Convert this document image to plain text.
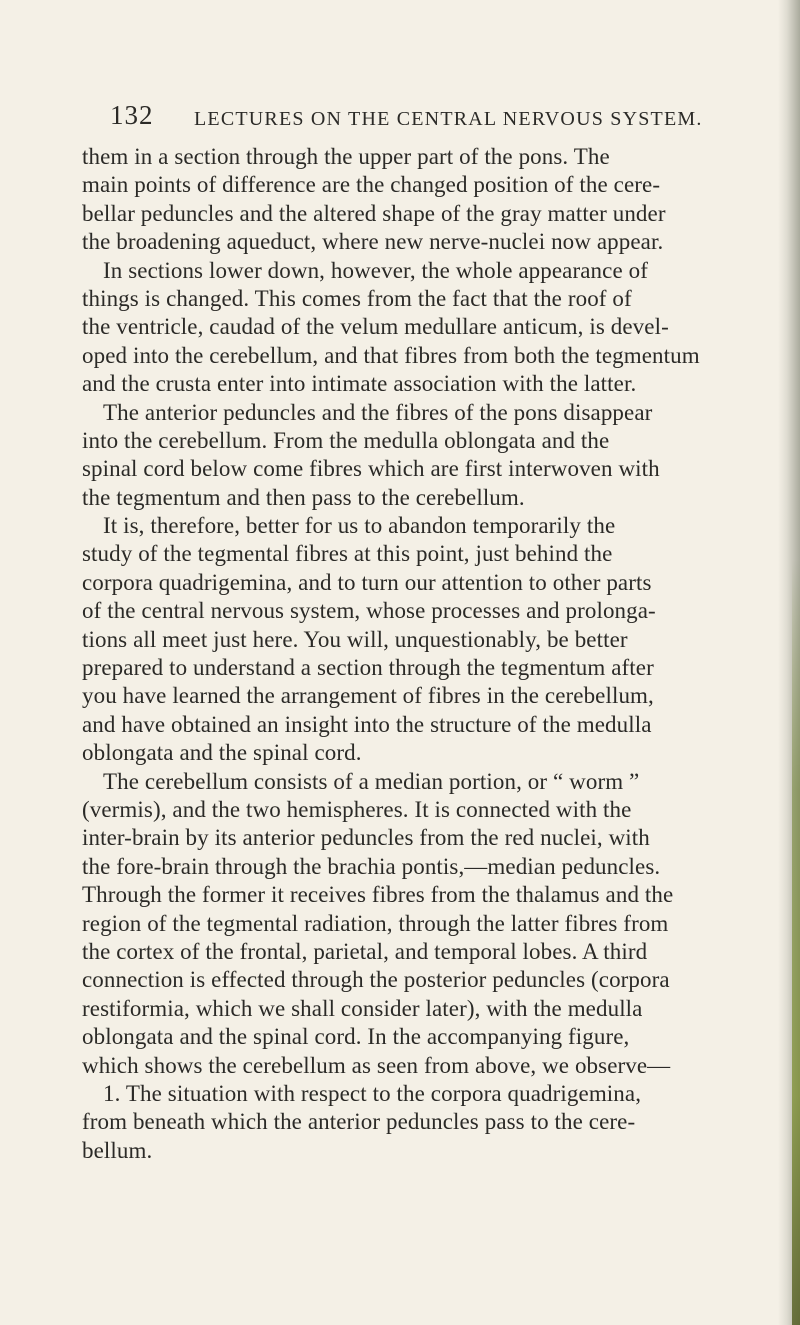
132 LECTURES ON THE CENTRAL NERVOUS SYSTEM.
them in a section through the upper part of the pons. The
main points of difference are the changed position of the cere-
bellar peduncles and the altered shape of the gray matter under
the broadening aqueduct, where new nerve-nuclei now appear.
In sections lower down, however, the whole appearance of
things is changed. This comes from the fact that the roof of
the ventricle, caudad of the velum medullare anticum, is devel-
oped into the cerebellum, and that fibres from both the tegmentum
and the crusta enter into intimate association with the latter.
The anterior peduncles and the fibres of the pons disappear
into the cerebellum. From the medulla oblongata and the
spinal cord below come fibres which are first interwoven with
the tegmentum and then pass to the cerebellum.
It is, therefore, better for us to abandon temporarily the
study of the tegmental fibres at this point, just behind the
corpora quadrigemina, and to turn our attention to other parts
of the central nervous system, whose processes and prolonga-
tions all meet just here. You will, unquestionably, be better
prepared to understand a section through the tegmentum after
you have learned the arrangement of fibres in the cerebellum,
and have obtained an insight into the structure of the medulla
oblongata and the spinal cord.
The cerebellum consists of a median portion, or “ worm ”
(vermis), and the two hemispheres. It is connected with the
inter-brain by its anterior peduncles from the red nuclei, with
the fore-brain through the brachia pontis,—median peduncles.
Through the former it receives fibres from the thalamus and the
region of the tegmental radiation, through the latter fibres from
the cortex of the frontal, parietal, and temporal lobes. A third
connection is effected through the posterior peduncles (corpora
restiformia, which we shall consider later), with the medulla
oblongata and the spinal cord. In the accompanying figure,
which shows the cerebellum as seen from above, we observe—
1. The situation with respect to the corpora quadrigemina,
from beneath which the anterior peduncles pass to the cere-
bellum.
